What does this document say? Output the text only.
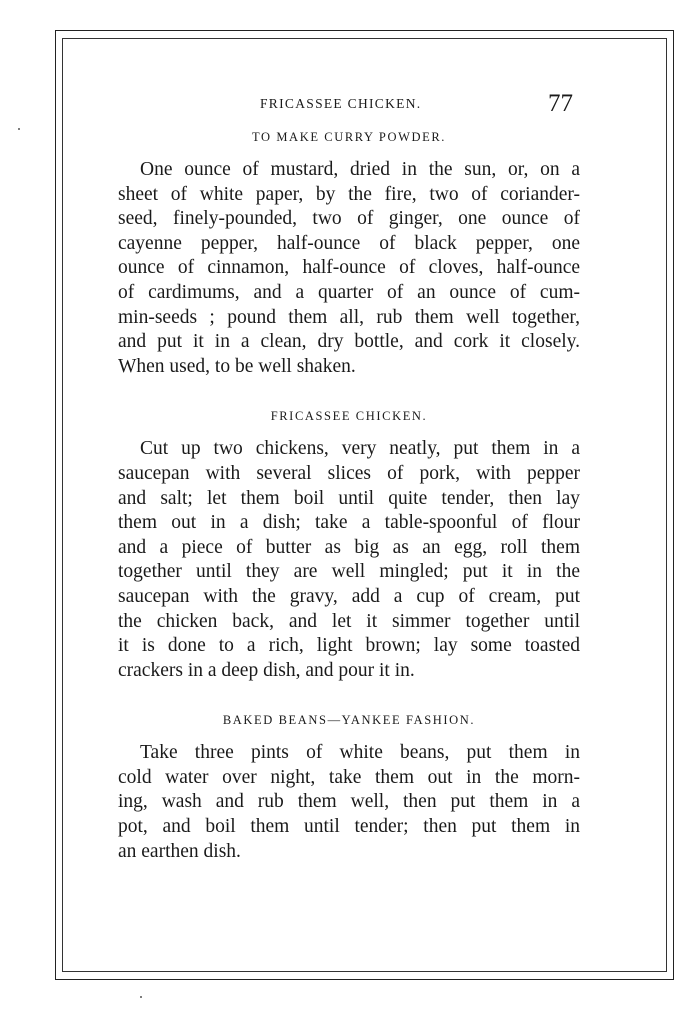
FRICASSEE CHICKEN.	77
TO MAKE CURRY POWDER.

One ounce of mustard, dried in the sun, or, on a
sheet of white paper, by the fire, two of coriander-
seed, finely-pounded, two of ginger, one ounce of
cayenne pepper, half-ounce of black pepper, one
ounce of cinnamon, half-ounce of cloves, half-ounce
of cardimums, and a quarter of an ounce of cum-
min-seeds ; pound them all, rub them well together,
and put it in a clean, dry bottle, and cork it closely.
When used, to be well shaken.

FRICASSEE CHICKEN.

Cut up two chickens, very neatly, put them in a
saucepan with several slices of pork, with pepper
and salt; let them boil until quite tender, then lay
them out in a dish; take a table-spoonful of flour
and a piece of butter as big as an egg, roll them
together until they are well mingled; put it in the
saucepan with the gravy, add a cup of cream, put
the chicken back, and let it simmer together until
it is done to a rich, light brown; lay some toasted
crackers in a deep dish, and pour it in.

BAKED BEANS—YANKEE FASHION.

Take three pints of white beans, put them in
cold water over night, take them out in the morn-
ing, wash and rub them well, then put them in a
pot, and boil them until tender; then put them in
an earthen dish.
